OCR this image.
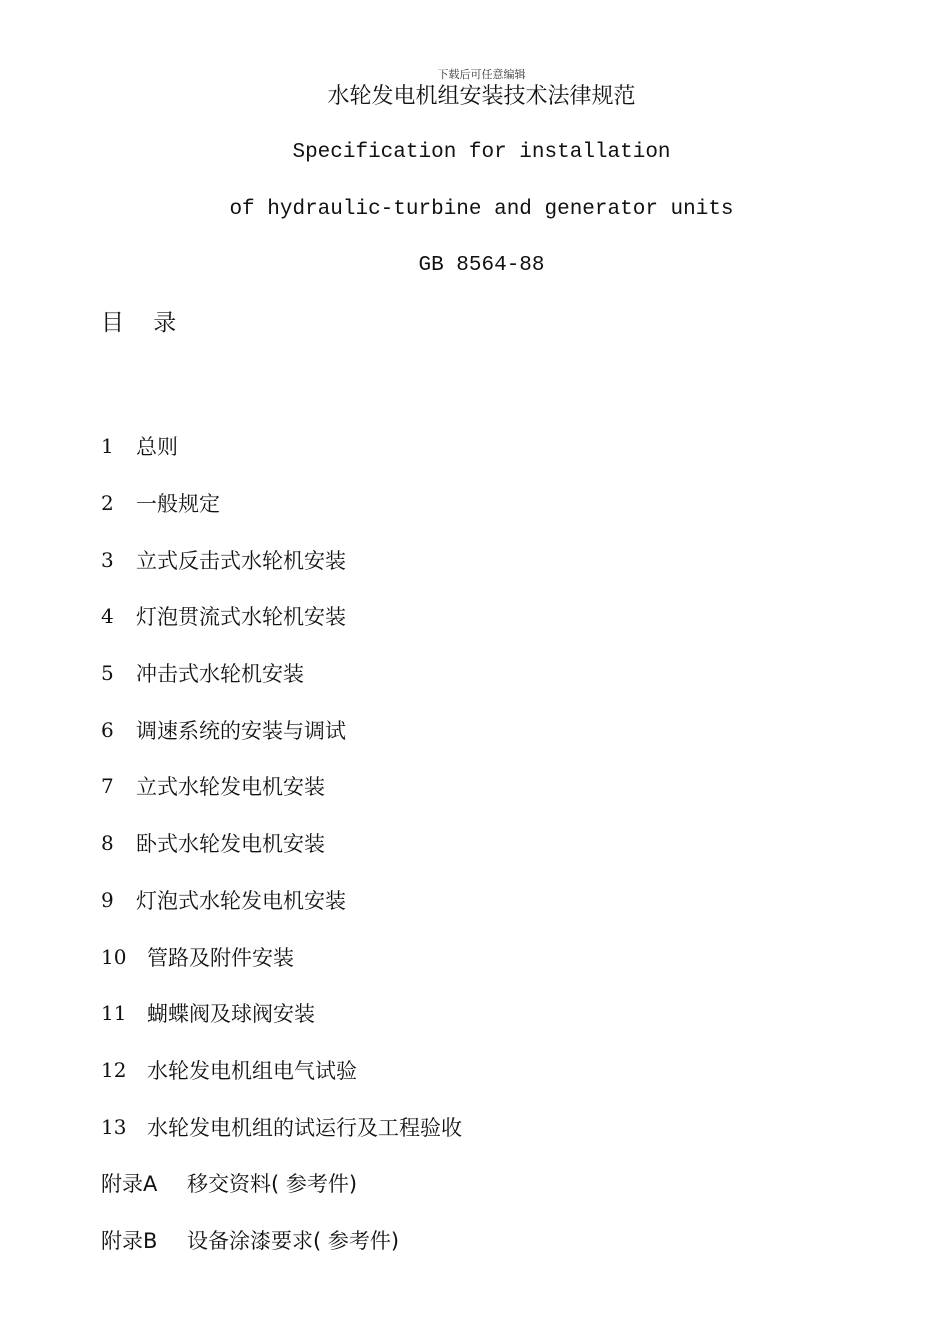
下载后可任意编辑
水轮发电机组安装技术法律规范
Specification for installation
of hydraulic-turbine and generator units
GB 8564-88
目    录
1	总则
2	一般规定
3	立式反击式水轮机安装
4	灯泡贯流式水轮机安装
5	冲击式水轮机安装
6	调速系统的安装与调试
7	立式水轮发电机安装
8	卧式水轮发电机安装
9	灯泡式水轮发电机安装
10 管路及附件安装
11 蝴蝶阀及球阀安装
12 水轮发电机组电气试验
13 水轮发电机组的试运行及工程验收
附录A	移交资料( 参考件)
附录B	设备涂漆要求( 参考件)
